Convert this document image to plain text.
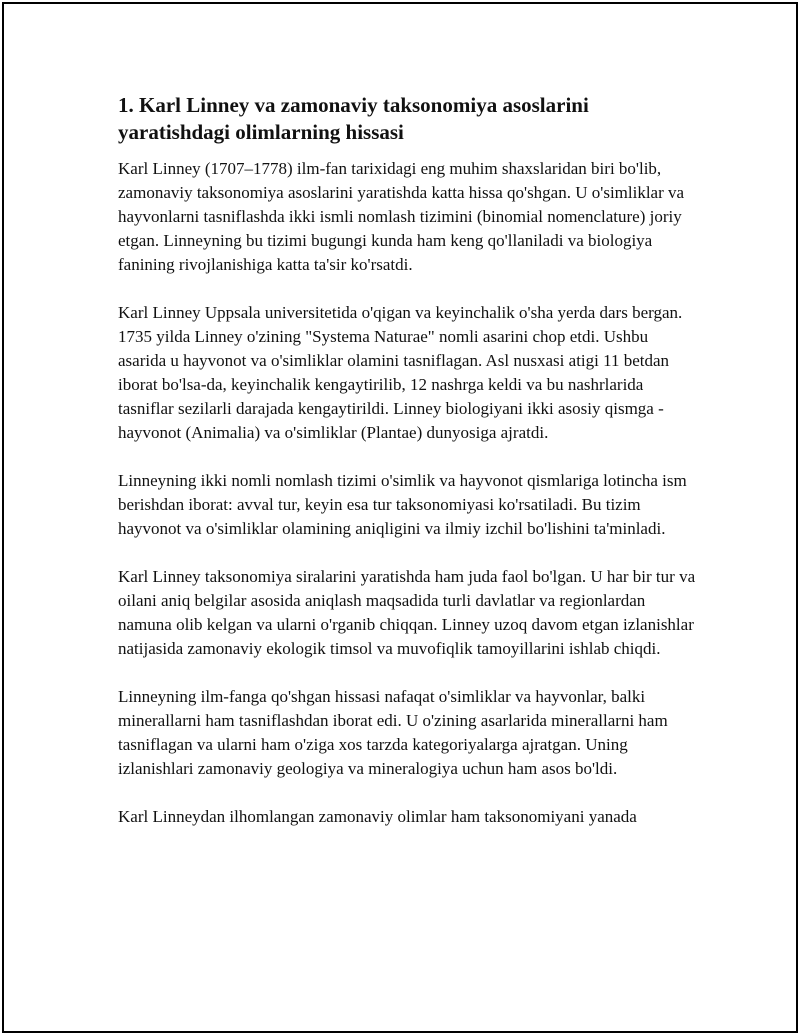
1. Karl Linney va zamonaviy taksonomiya asoslarini yaratishdagi olimlarning hissasi

Karl Linney (1707–1778) ilm-fan tarixidagi eng muhim shaxslaridan biri bo'lib, zamonaviy taksonomiya asoslarini yaratishda katta hissa qo'shgan. U o'simliklar va hayvonlarni tasniflashda ikki ismli nomlash tizimini (binomial nomenclature) joriy etgan. Linneyning bu tizimi bugungi kunda ham keng qo'llaniladi va biologiya fanining rivojlanishiga katta ta'sir ko'rsatdi.

Karl Linney Uppsala universitetida o'qigan va keyinchalik o'sha yerda dars bergan. 1735 yilda Linney o'zining "Systema Naturae" nomli asarini chop etdi. Ushbu asarida u hayvonot va o'simliklar olamini tasniflagan. Asl nusxasi atigi 11 betdan iborat bo'lsa-da, keyinchalik kengaytirilib, 12 nashrga keldi va bu nashrlarida tasniflar sezilarli darajada kengaytirildi. Linney biologiyani ikki asosiy qismga - hayvonot (Animalia) va o'simliklar (Plantae) dunyosiga ajratdi.

Linneyning ikki nomli nomlash tizimi o'simlik va hayvonot qismlariga lotincha ism berishdan iborat: avval tur, keyin esa tur taksonomiyasi ko'rsatiladi. Bu tizim hayvonot va o'simliklar olamining aniqligini va ilmiy izchil bo'lishini ta'minladi.

Karl Linney taksonomiya siralarini yaratishda ham juda faol bo'lgan. U har bir tur va oilani aniq belgilar asosida aniqlash maqsadida turli davlatlar va regionlardan namuna olib kelgan va ularni o'rganib chiqqan. Linney uzoq davom etgan izlanishlar natijasida zamonaviy ekologik timsol va muvofiqlik tamoyillarini ishlab chiqdi.

Linneyning ilm-fanga qo'shgan hissasi nafaqat o'simliklar va hayvonlar, balki minerallarni ham tasniflashdan iborat edi. U o'zining asarlarida minerallarni ham tasniflagan va ularni ham o'ziga xos tarzda kategoriyalarga ajratgan. Uning izlanishlari zamonaviy geologiya va mineralogiya uchun ham asos bo'ldi.

Karl Linneydan ilhomlangan zamonaviy olimlar ham taksonomiyani yanada
